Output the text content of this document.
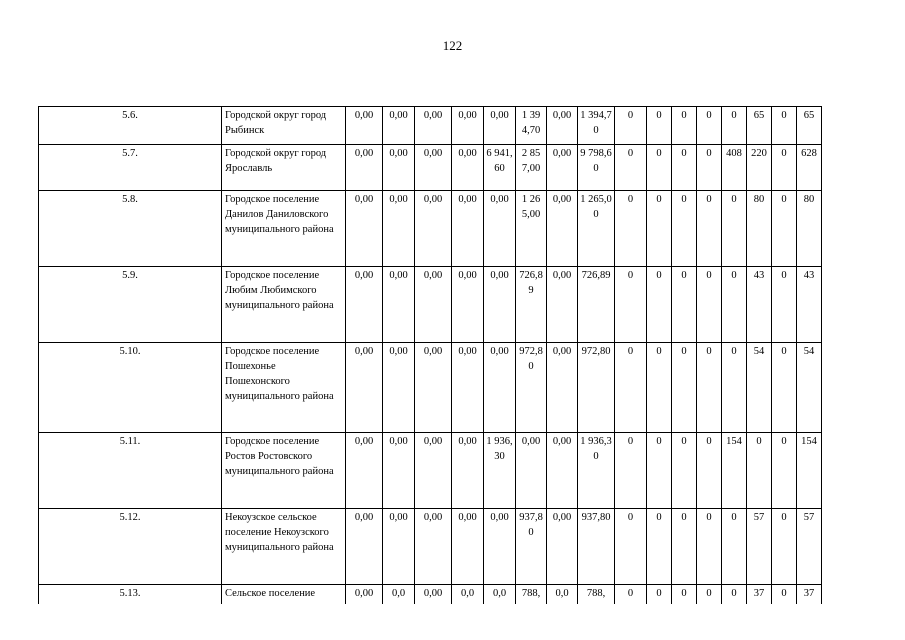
122
5.6.	Городской округ город Рыбинск	0,00	0,00	0,00	0,00	0,00	1 394,70	0,00	1 394,70	0	0	0	0	0	65	0	65
5.7.	Городской округ город Ярославль	0,00	0,00	0,00	0,00	6 941,60	2 857,00	0,00	9 798,60	0	0	0	0	408	220	0	628
5.8.	Городское поселение Данилов Даниловского муниципального района	0,00	0,00	0,00	0,00	0,00	1 265,00	0,00	1 265,00	0	0	0	0	0	80	0	80
5.9.	Городское поселение Любим Любимского муниципального района	0,00	0,00	0,00	0,00	0,00	726,89	0,00	726,89	0	0	0	0	0	43	0	43
5.10.	Городское поселение Пошехонье Пошехонского муниципального района	0,00	0,00	0,00	0,00	0,00	972,80	0,00	972,80	0	0	0	0	0	54	0	54
5.11.	Городское поселение Ростов Ростовского муниципального района	0,00	0,00	0,00	0,00	1 936,30	0,00	0,00	1 936,30	0	0	0	0	154	0	0	154
5.12.	Некоузское сельское поселение Некоузского муниципального района	0,00	0,00	0,00	0,00	0,00	937,80	0,00	937,80	0	0	0	0	0	57	0	57
5.13.	Сельское поселение	0,00	0,0	0,00	0,0	0,0	788,	0,0	788,	0	0	0	0	0	37	0	37
